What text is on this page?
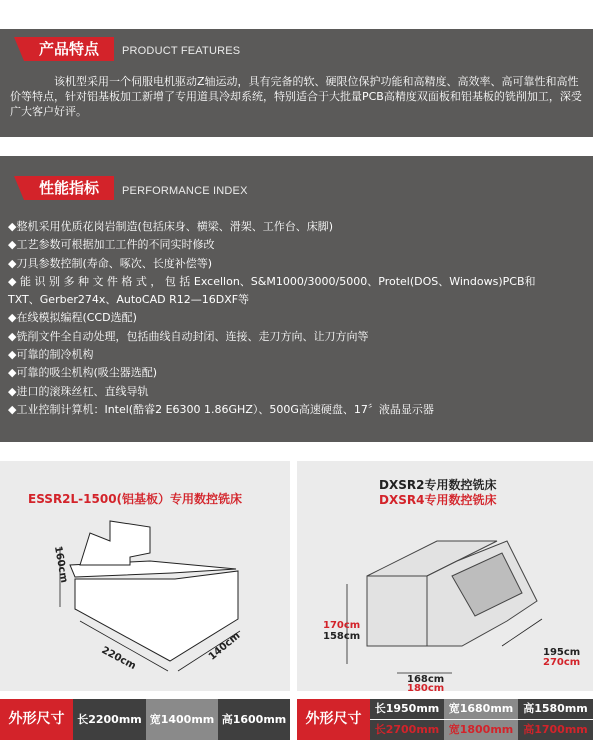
产品特点	PRODUCT FEATURES

该机型采用一个伺服电机驱动Z轴运动，具有完备的软、硬限位保护功能和高精度、高效率、高可靠性和高性价等特点，针对铝基板加工新增了专用道具冷却系统，特别适合于大批量PCB高精度双面板和铝基板的铣削加工，深受广大客户好评。

性能指标	PERFORMANCE INDEX
◆整机采用优质花岗岩制造(包括床身、横梁、滑架、工作台、床脚)
◆工艺参数可根据加工工件的不同实时修改
◆刀具参数控制(寿命、啄次、长度补偿等)
◆ 能 识 别 多 种 文 件 格 式 ， 包 括 Excellon、S&M1000/3000/5000、Protel(DOS、Windows)PCB和
TXT、Gerber274x、AutoCAD R12—16DXF等
◆在线模拟编程(CCD选配)
◆铣削文件全自动处理，包括曲线自动封闭、连接、走刀方向、让刀方向等
◆可靠的制冷机构
◆可靠的吸尘机构(吸尘器选配)
◆进口的滚珠丝杠、直线导轨
◆工业控制计算机：Intel(酷睿2 E6300 1.86GHZ）、500G高速硬盘、17〞液晶显示器
ESSR2L-1500(铝基板）专用数控铣床
160cm
220cm	140cm
DXSR2专用数控铣床
DXSR4专用数控铣床
170cm
158cm
168cm
180cm
195cm
270cm
外形尺寸	长2200mm 宽1400mm 高1600mm	外形尺寸
长1950mm 宽1680mm 高1580mm
长2700mm 宽1800mm 高1700mm
